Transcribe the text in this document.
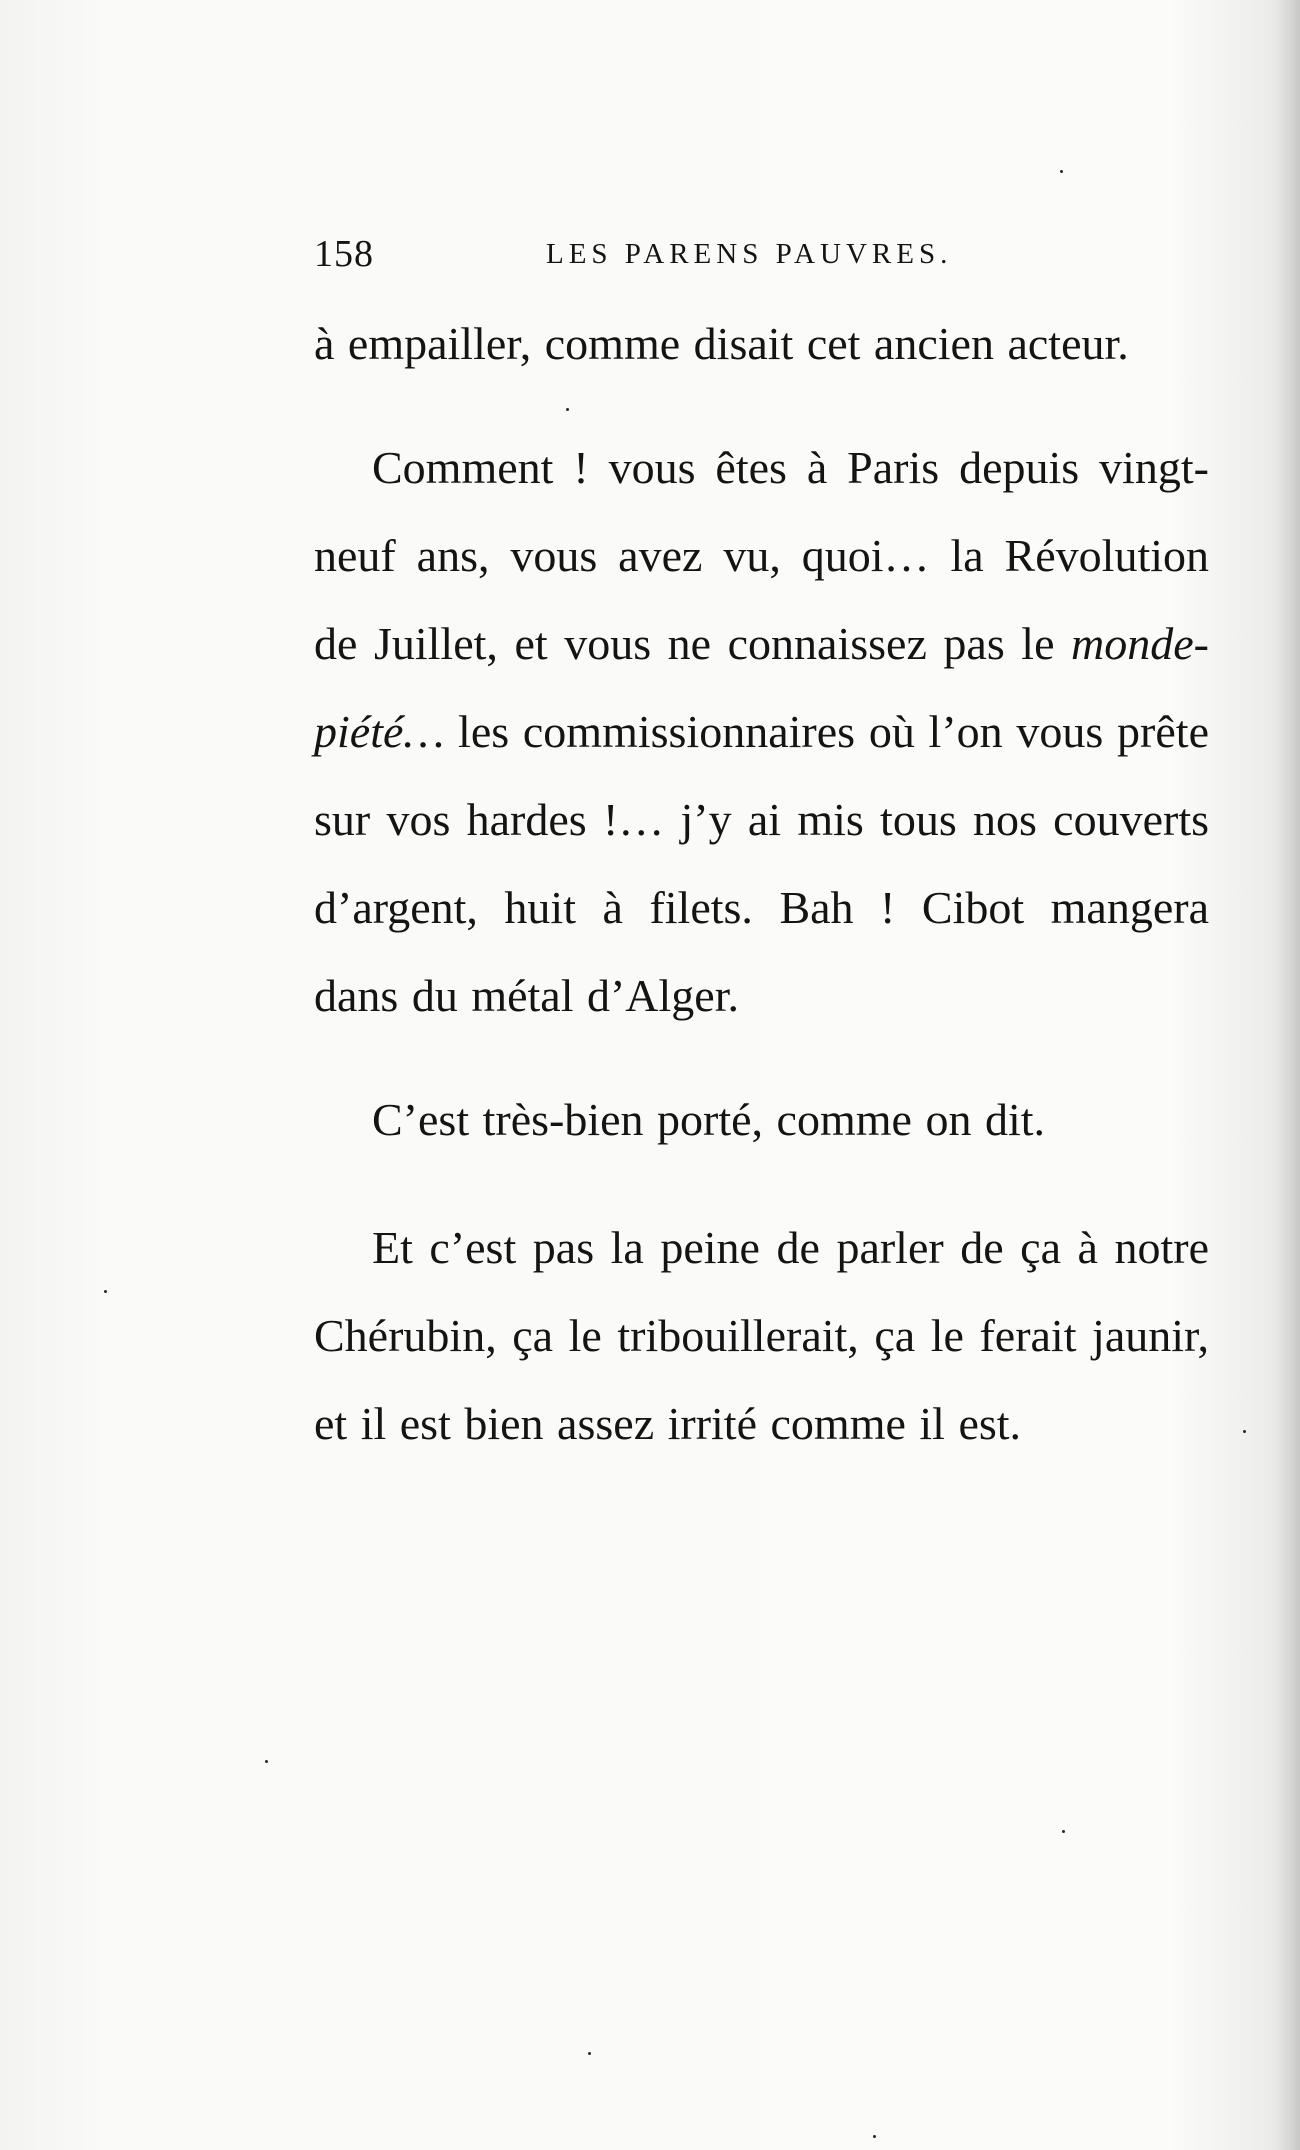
158	LES PARENS PAUVRES.

à empailler, comme disait cet ancien acteur.

Comment ! vous êtes à Paris depuis vingt-neuf ans, vous avez vu, quoi… la Révolution de Juillet, et vous ne connaissez pas le monde-piété… les commissionnaires où l’on vous prête sur vos hardes !… j’y ai mis tous nos couverts d’argent, huit à filets. Bah ! Cibot mangera dans du métal d’Alger.

C’est très-bien porté, comme on dit.

Et c’est pas la peine de parler de ça à notre Chérubin, ça le tribouillerait, ça le ferait jaunir, et il est bien assez irrité comme il est.
